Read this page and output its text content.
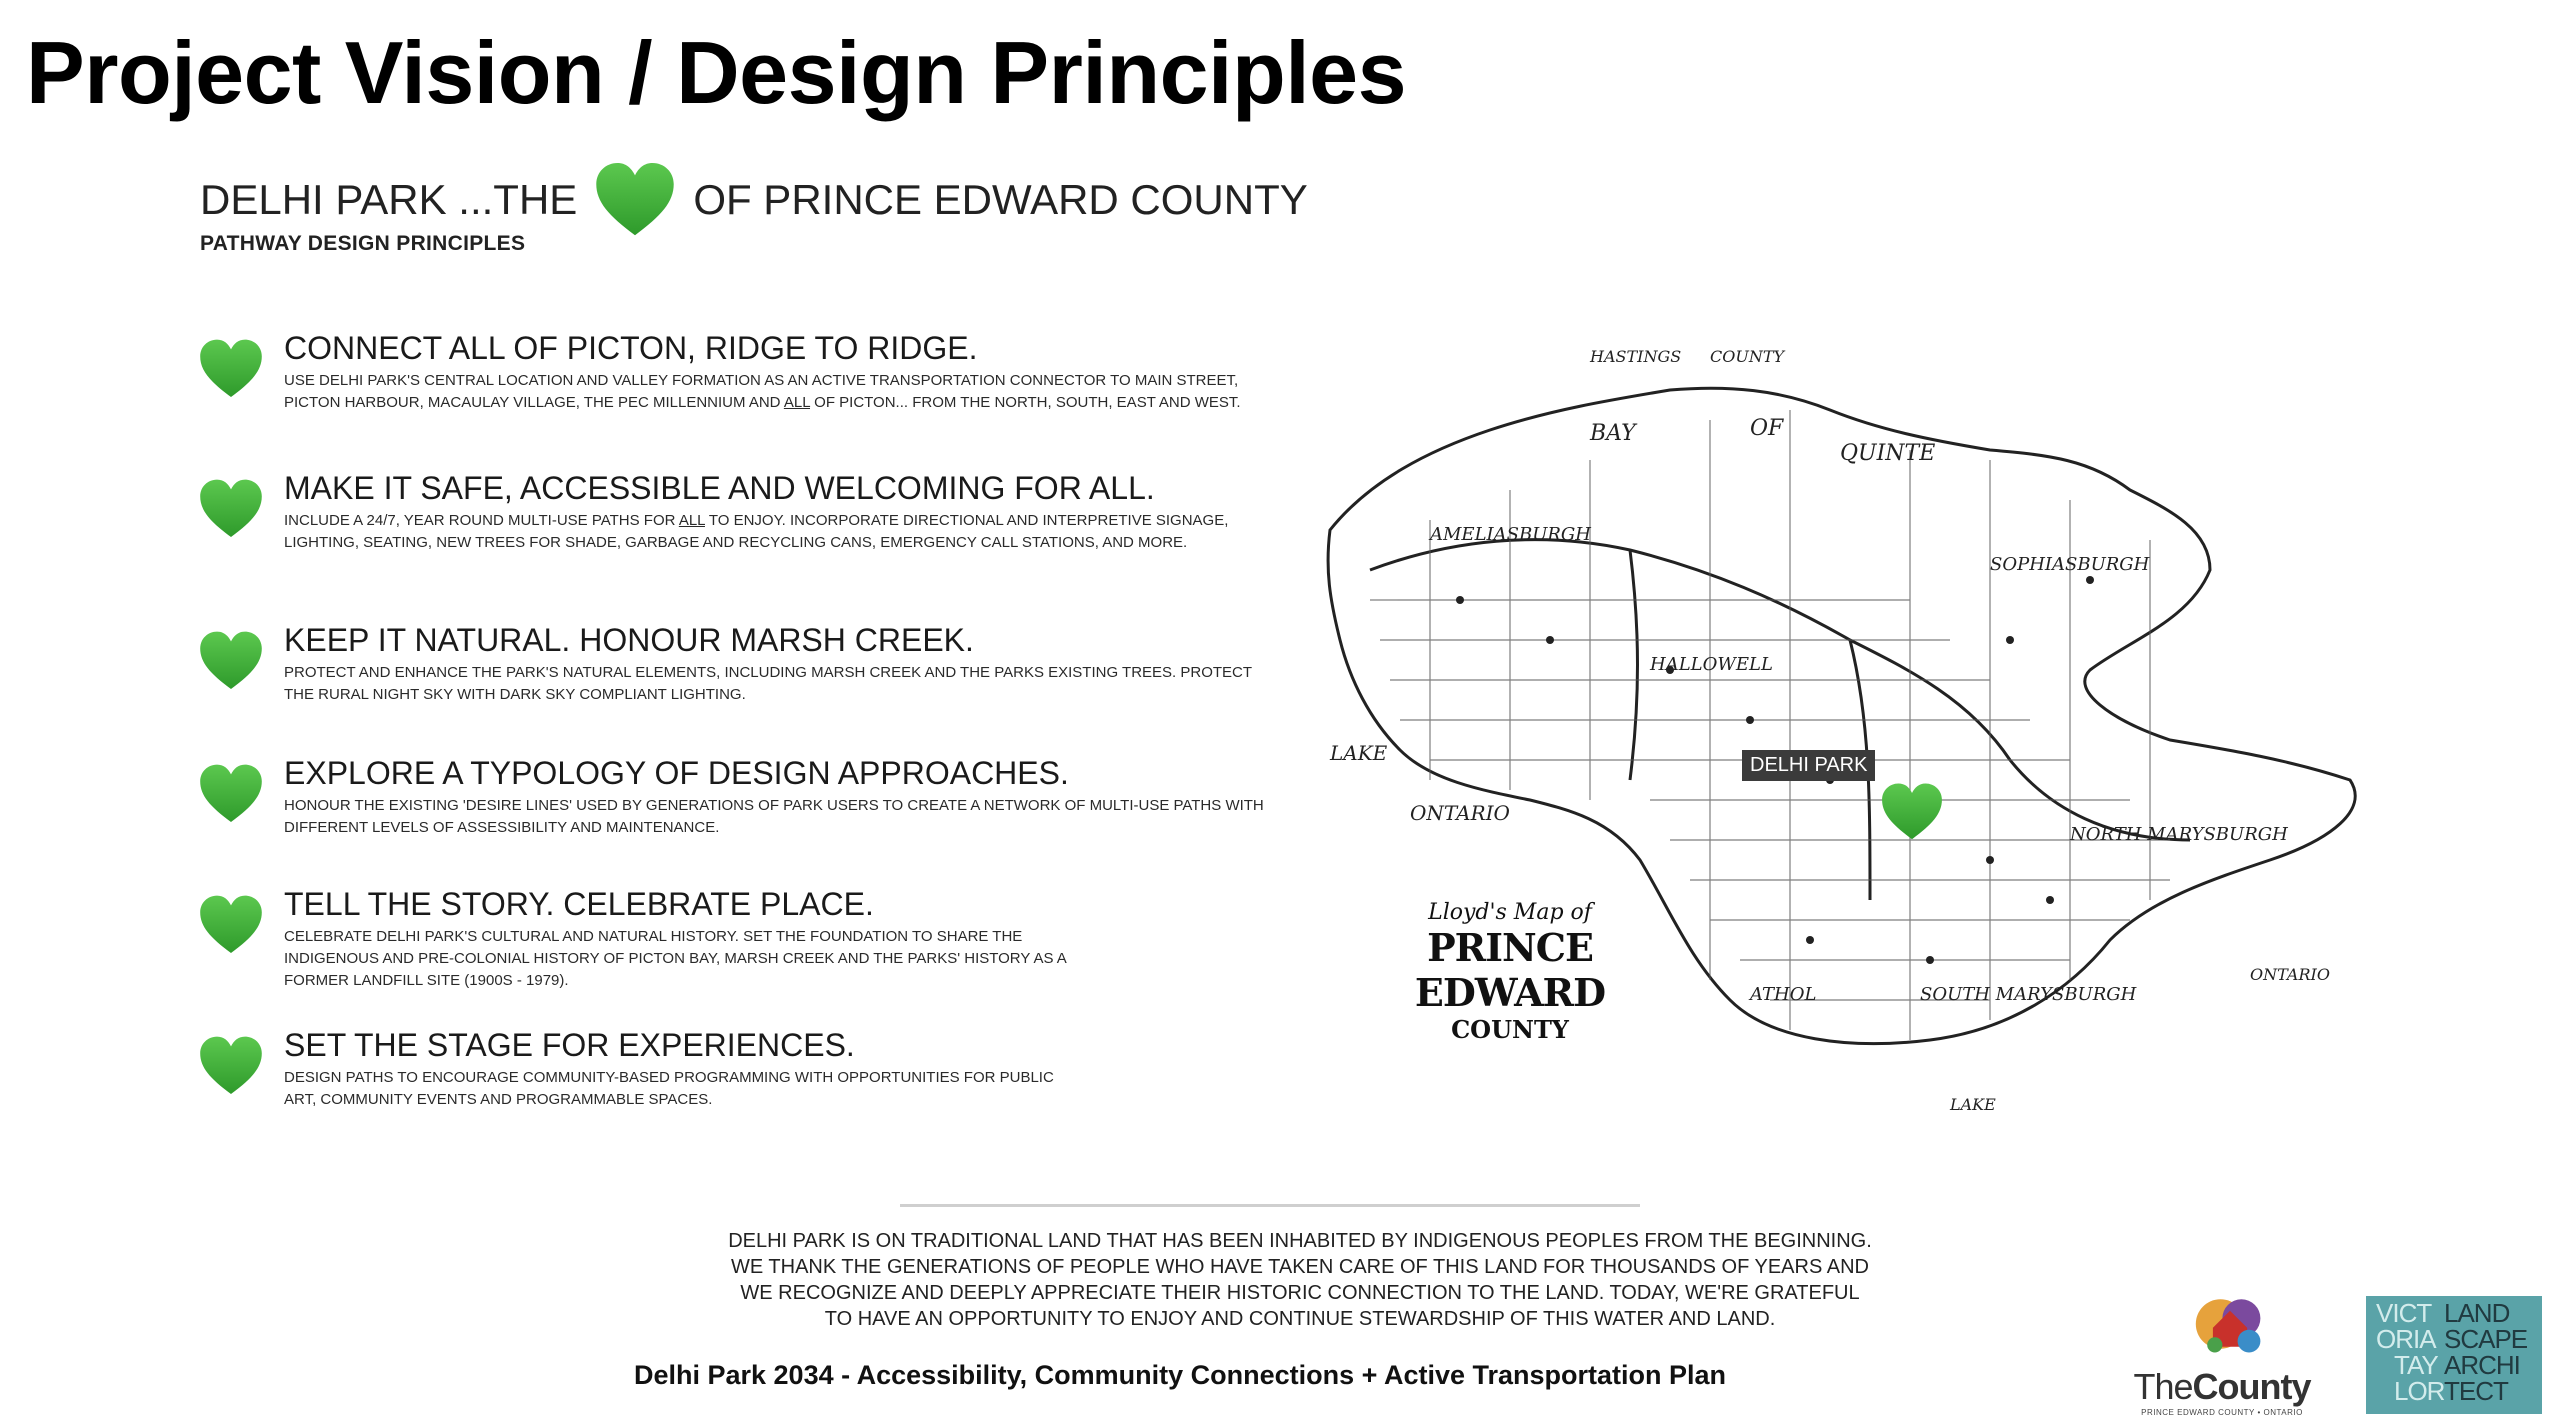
Project Vision / Design Principles
DELHI PARK ...THE	OF PRINCE EDWARD COUNTY
PATHWAY DESIGN PRINCIPLES
CONNECT ALL OF PICTON, RIDGE TO RIDGE.
USE DELHI PARK'S CENTRAL LOCATION AND VALLEY FORMATION AS AN ACTIVE TRANSPORTATION CONNECTOR TO MAIN STREET, PICTON HARBOUR, MACAULAY VILLAGE, THE PEC MILLENNIUM AND ALL OF PICTON... FROM THE NORTH, SOUTH, EAST AND WEST.
MAKE IT SAFE, ACCESSIBLE AND WELCOMING FOR ALL.
INCLUDE A 24/7, YEAR ROUND MULTI-USE PATHS FOR ALL TO ENJOY. INCORPORATE DIRECTIONAL AND INTERPRETIVE SIGNAGE, LIGHTING, SEATING, NEW TREES FOR SHADE, GARBAGE AND RECYCLING CANS, EMERGENCY CALL STATIONS, AND MORE.
KEEP IT NATURAL. HONOUR MARSH CREEK.
PROTECT AND ENHANCE THE PARK'S NATURAL ELEMENTS, INCLUDING MARSH CREEK AND THE PARKS EXISTING TREES. PROTECT THE RURAL NIGHT SKY WITH DARK SKY COMPLIANT LIGHTING.
EXPLORE A TYPOLOGY OF DESIGN APPROACHES.
HONOUR THE EXISTING 'DESIRE LINES' USED BY GENERATIONS OF PARK USERS TO CREATE A NETWORK OF MULTI-USE PATHS WITH DIFFERENT LEVELS OF ASSESSIBILITY AND MAINTENANCE.
TELL THE STORY. CELEBRATE PLACE.
CELEBRATE DELHI PARK'S CULTURAL AND NATURAL HISTORY. SET THE FOUNDATION TO SHARE THE INDIGENOUS AND PRE-COLONIAL HISTORY OF PICTON BAY, MARSH CREEK AND THE PARKS' HISTORY AS A FORMER LANDFILL SITE (1900S - 1979).
SET THE STAGE FOR EXPERIENCES.
DESIGN PATHS TO ENCOURAGE COMMUNITY-BASED PROGRAMMING WITH OPPORTUNITIES FOR PUBLIC ART, COMMUNITY EVENTS AND PROGRAMMABLE SPACES.
HASTINGS COUNTY
BAY	OF
QUINTE
AMELIASBURGH
SOPHIASBURGH
HALLOWELL
LAKE
ONTARIO
NORTH MARYSBURGH
SOUTH MARYSBURGH
ATHOL
LAKE
ONTARIO
DELHI PARK
Lloyd's Map of
PRINCE EDWARD
COUNTY
DELHI PARK IS ON TRADITIONAL LAND THAT HAS BEEN INHABITED BY INDIGENOUS PEOPLES FROM THE BEGINNING.
WE THANK THE GENERATIONS OF PEOPLE WHO HAVE TAKEN CARE OF THIS LAND FOR THOUSANDS OF YEARS AND
WE RECOGNIZE AND DEEPLY APPRECIATE THEIR HISTORIC CONNECTION TO THE LAND. TODAY, WE'RE GRATEFUL
TO HAVE AN OPPORTUNITY TO ENJOY AND CONTINUE STEWARDSHIP OF THIS WATER AND LAND.
Delhi Park 2034 - Accessibility, Community Connections + Active Transportation Plan	TheCounty
PRINCE EDWARD COUNTY • ONTARIO
VICT LAND
ORIA SCAPE
TAY ARCHI
LOR TECT
